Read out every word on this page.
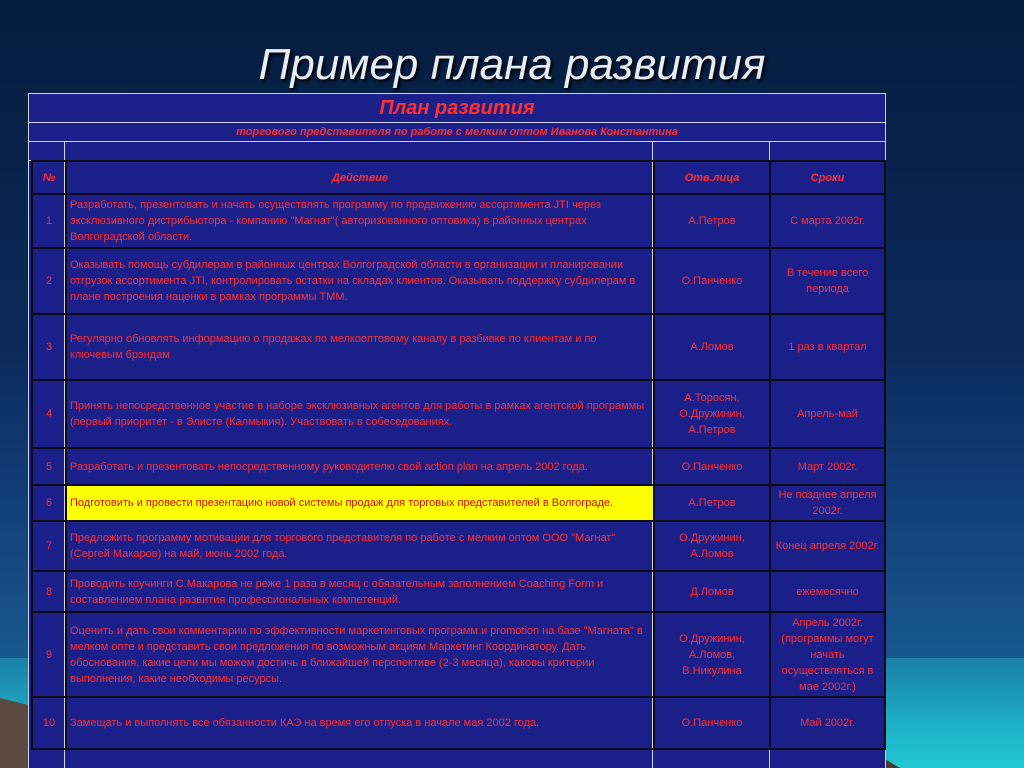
Пример плана развития
План развития
торгового представителя по работе с мелким оптом Иванова Константина
№	Действие	Отв.лица	Сроки
1	Разработать, презентовать и начать осуществлять программу по продвижению ассортимента JTI через эксклюзивного дистрибьютора - компанию "Магнат"( авторизованного оптовика) в районных центрах Волгоградской области.	А.Петров	С марта 2002г.
2	Оказывать помощь субдилерам в районных центрах Волгоградской области в организации и планировании отгрузок ассортимента JTI, контролировать остатки на складах клиентов. Оказывать поддержку субдилерам в плане построения наценки в рамках программы ТММ.	О.Панченко	В течение всего периода
3	Регулярно обновлять информацию о продажах по мелкооптовому каналу в разбивке по клиентам и по ключевым брэндам	А.Ломов	1 раз в квартал
4	Принять непосредственное участие в наборе эксклюзивных агентов для работы в рамках агентской программы (первый приоритет - в Элисте (Калмыкия). Участвовать в собеседованиях.	А.Торосян, О.Дружинин, А.Петров	Апрель-май
5	Разработать и презентовать непосредственному руководителю свой action plan на апрель 2002 года.	О.Панченко	Март 2002г.
6	Подготовить и провести презентацию новой системы продаж для торговых представителей в Волгограде.	А.Петров	Не позднее апреля 2002г.
7	Предложить программу мотивации для торгового представителя по работе с мелким оптом ООО "Магнат" (Сергей Макаров) на май, июнь 2002 года.	О.Дружинин, А.Ломов	Конец апреля 2002г.
8	Проводить коучинги С.Макарова не реже 1 раза в месяц с обязательным заполнением Coaching Form и составлением плана развития профессиональных компетенций.	Д.Ломов	ежемесячно
9	Оценить и дать свои комментарии по эффективности маркетинговых программ и promotion на базе "Магната" в мелком опте и представить свои предложения по возможным акциям Маркетинг Координатору. Дать обоснования, какие цели мы можем достичь в ближайшей перспективе (2-3 месяца), каковы критерии выполнения, какие необходимы ресурсы.	О.Дружинин, А.Ломов, В.Никулина	Апрель 2002г. (программы могут начать осуществляться в мае 2002г.)
10	Замещать и выполнять все обязанности КАЭ на время его отпуска в начале мая 2002 года.	О.Панченко	Май 2002г.
